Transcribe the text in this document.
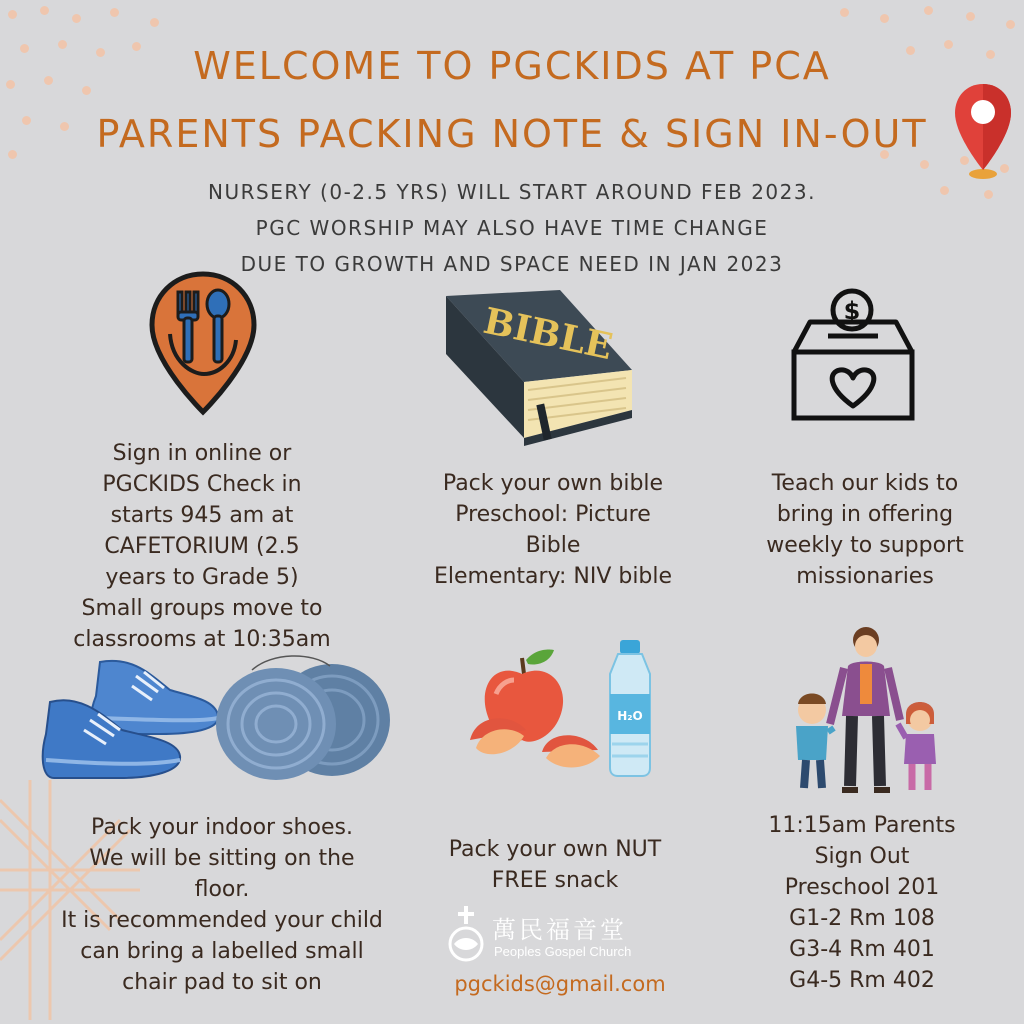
WELCOME TO PGCKIDS AT PCA
PARENTS PACKING NOTE & SIGN IN-OUT
NURSERY (0-2.5 YRS) WILL START AROUND FEB 2023.
PGC WORSHIP MAY ALSO HAVE TIME CHANGE
DUE TO GROWTH AND SPACE NEED IN JAN 2023
BIBLE	$
Sign in online or
PGCKIDS Check in
starts 945 am at
CAFETORIUM (2.5
years to Grade 5)
Small groups move to
classrooms at 10:35am
Pack your own bible
Preschool: Picture
Bible
Elementary: NIV bible
Teach our kids to
bring in offering
weekly to support
missionaries
H₂O
Pack your indoor shoes.
We will be sitting on the
floor.
It is recommended your child
can bring a labelled small
chair pad to sit on
Pack your own NUT
FREE snack
11:15am Parents
Sign Out
Preschool 201
G1-2 Rm 108
G3-4 Rm 401
G4-5 Rm 402
萬民福音堂
Peoples Gospel Church
pgckids@gmail.com
